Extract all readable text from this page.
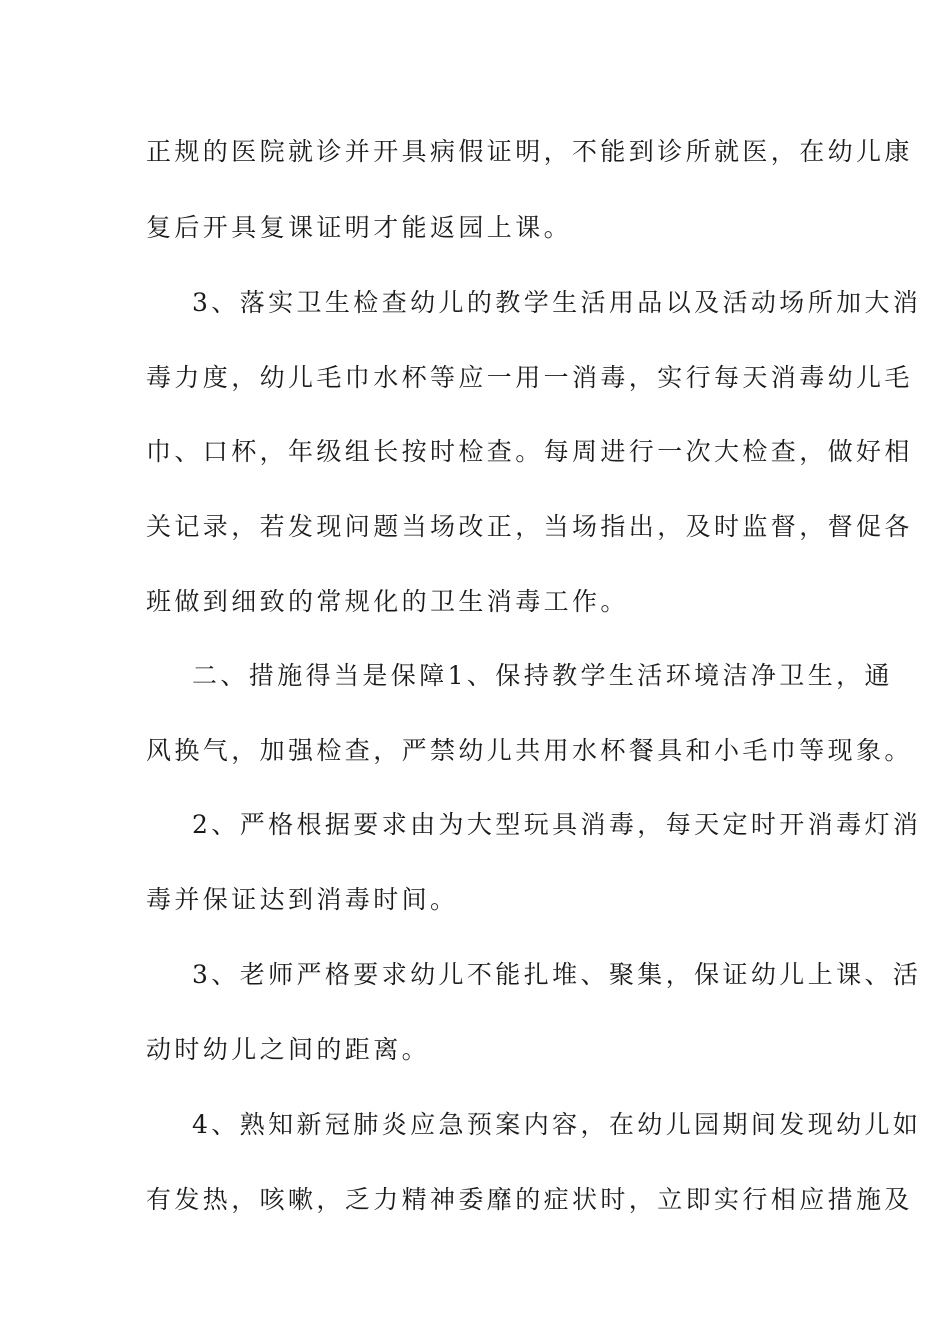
正规的医院就诊并开具病假证明，不能到诊所就医，在幼儿康
复后开具复课证明才能返园上课。
3、落实卫生检查幼儿的教学生活用品以及活动场所加大消
毒力度，幼儿毛巾水杯等应一用一消毒，实行每天消毒幼儿毛
巾、口杯，年级组长按时检查。每周进行一次大检查，做好相
关记录，若发现问题当场改正，当场指出，及时监督，督促各
班做到细致的常规化的卫生消毒工作。
二、措施得当是保障1、保持教学生活环境洁净卫生，通
风换气，加强检查，严禁幼儿共用水杯餐具和小毛巾等现象。
2、严格根据要求由为大型玩具消毒，每天定时开消毒灯消
毒并保证达到消毒时间。
3、老师严格要求幼儿不能扎堆、聚集，保证幼儿上课、活
动时幼儿之间的距离。
4、熟知新冠肺炎应急预案内容，在幼儿园期间发现幼儿如
有发热，咳嗽，乏力精神委靡的症状时，立即实行相应措施及
